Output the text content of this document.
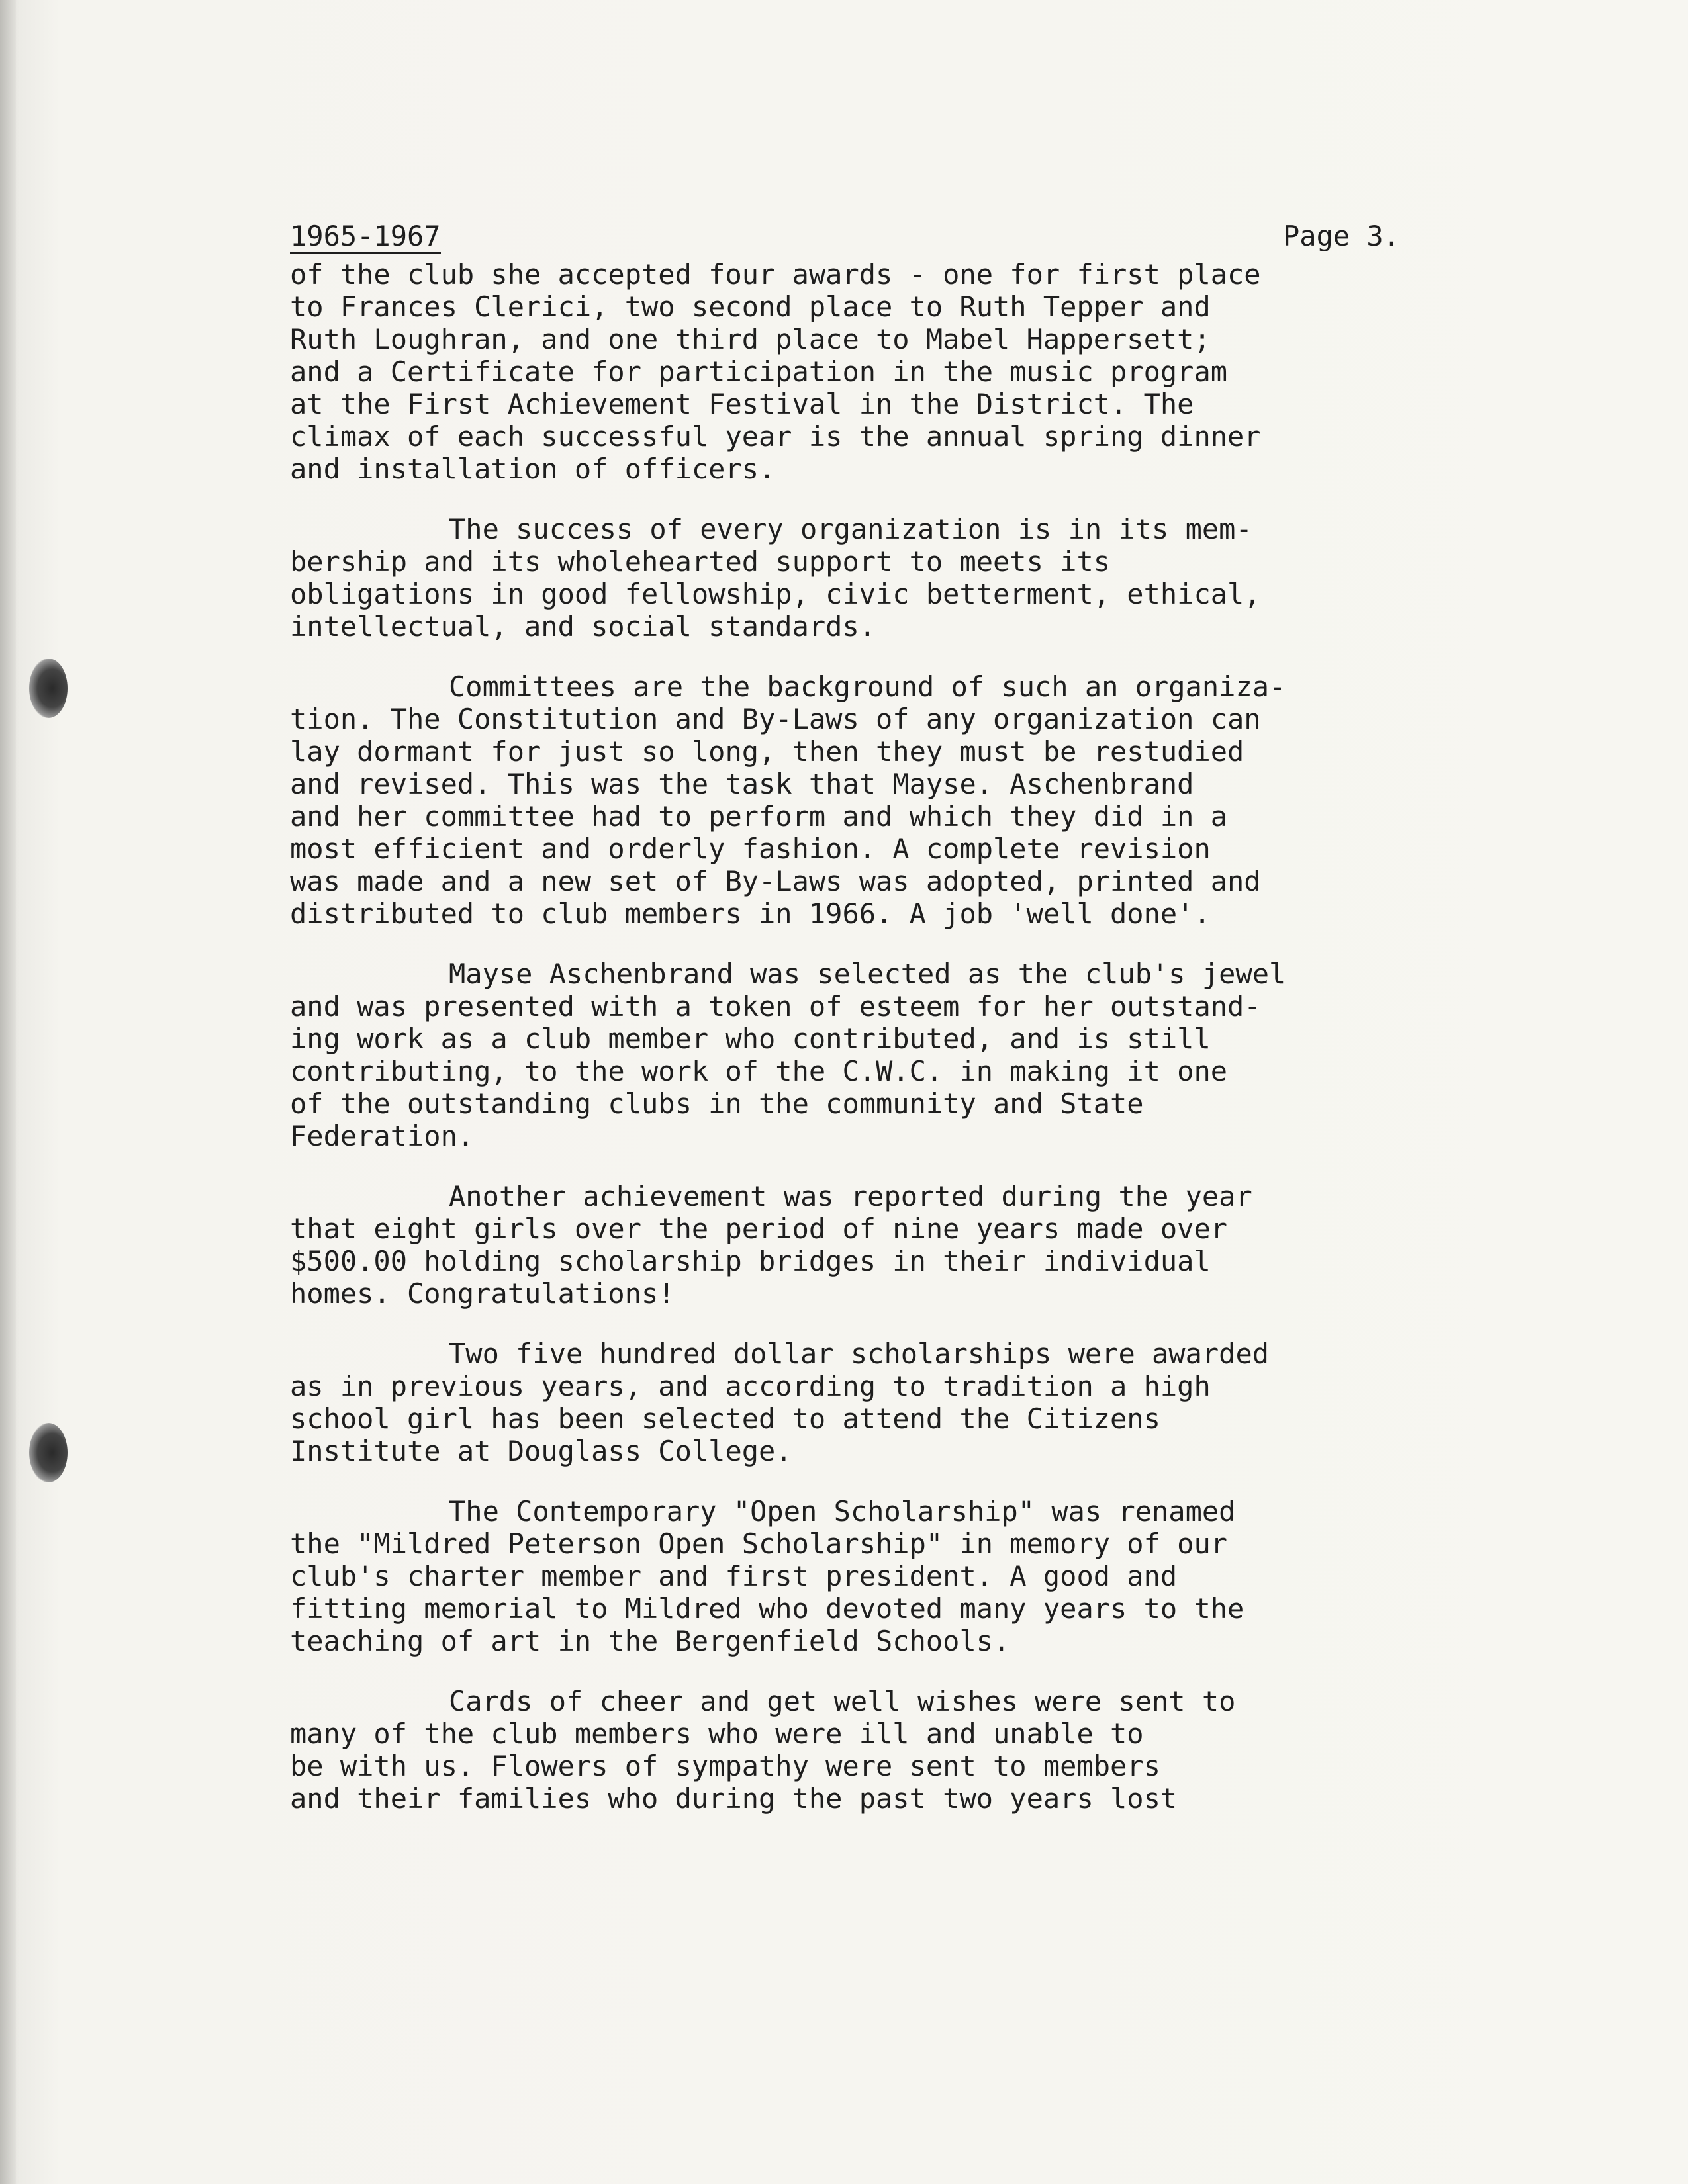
1965-1967	Page 3.
of the club she accepted four awards - one for first place
to Frances Clerici, two second place to Ruth Tepper and
Ruth Loughran, and one third place to Mabel Happersett;
and a Certificate for participation in the music program
at the First Achievement Festival in the District. The
climax of each successful year is the annual spring dinner
and installation of officers.
The success of every organization is in its mem-
bership and its wholehearted support to meets its
obligations in good fellowship, civic betterment, ethical,
intellectual, and social standards.
Committees are the background of such an organiza-
tion. The Constitution and By-Laws of any organization can
lay dormant for just so long, then they must be restudied
and revised. This was the task that Mayse. Aschenbrand
and her committee had to perform and which they did in a
most efficient and orderly fashion. A complete revision
was made and a new set of By-Laws was adopted, printed and
distributed to club members in 1966. A job 'well done'.
Mayse Aschenbrand was selected as the club's jewel
and was presented with a token of esteem for her outstand-
ing work as a club member who contributed, and is still
contributing, to the work of the C.W.C. in making it one
of the outstanding clubs in the community and State
Federation.
Another achievement was reported during the year
that eight girls over the period of nine years made over
$500.00 holding scholarship bridges in their individual
homes. Congratulations!
Two five hundred dollar scholarships were awarded
as in previous years, and according to tradition a high
school girl has been selected to attend the Citizens
Institute at Douglass College.
The Contemporary "Open Scholarship" was renamed
the "Mildred Peterson Open Scholarship" in memory of our
club's charter member and first president. A good and
fitting memorial to Mildred who devoted many years to the
teaching of art in the Bergenfield Schools.
Cards of cheer and get well wishes were sent to
many of the club members who were ill and unable to
be with us. Flowers of sympathy were sent to members
and their families who during the past two years lost
